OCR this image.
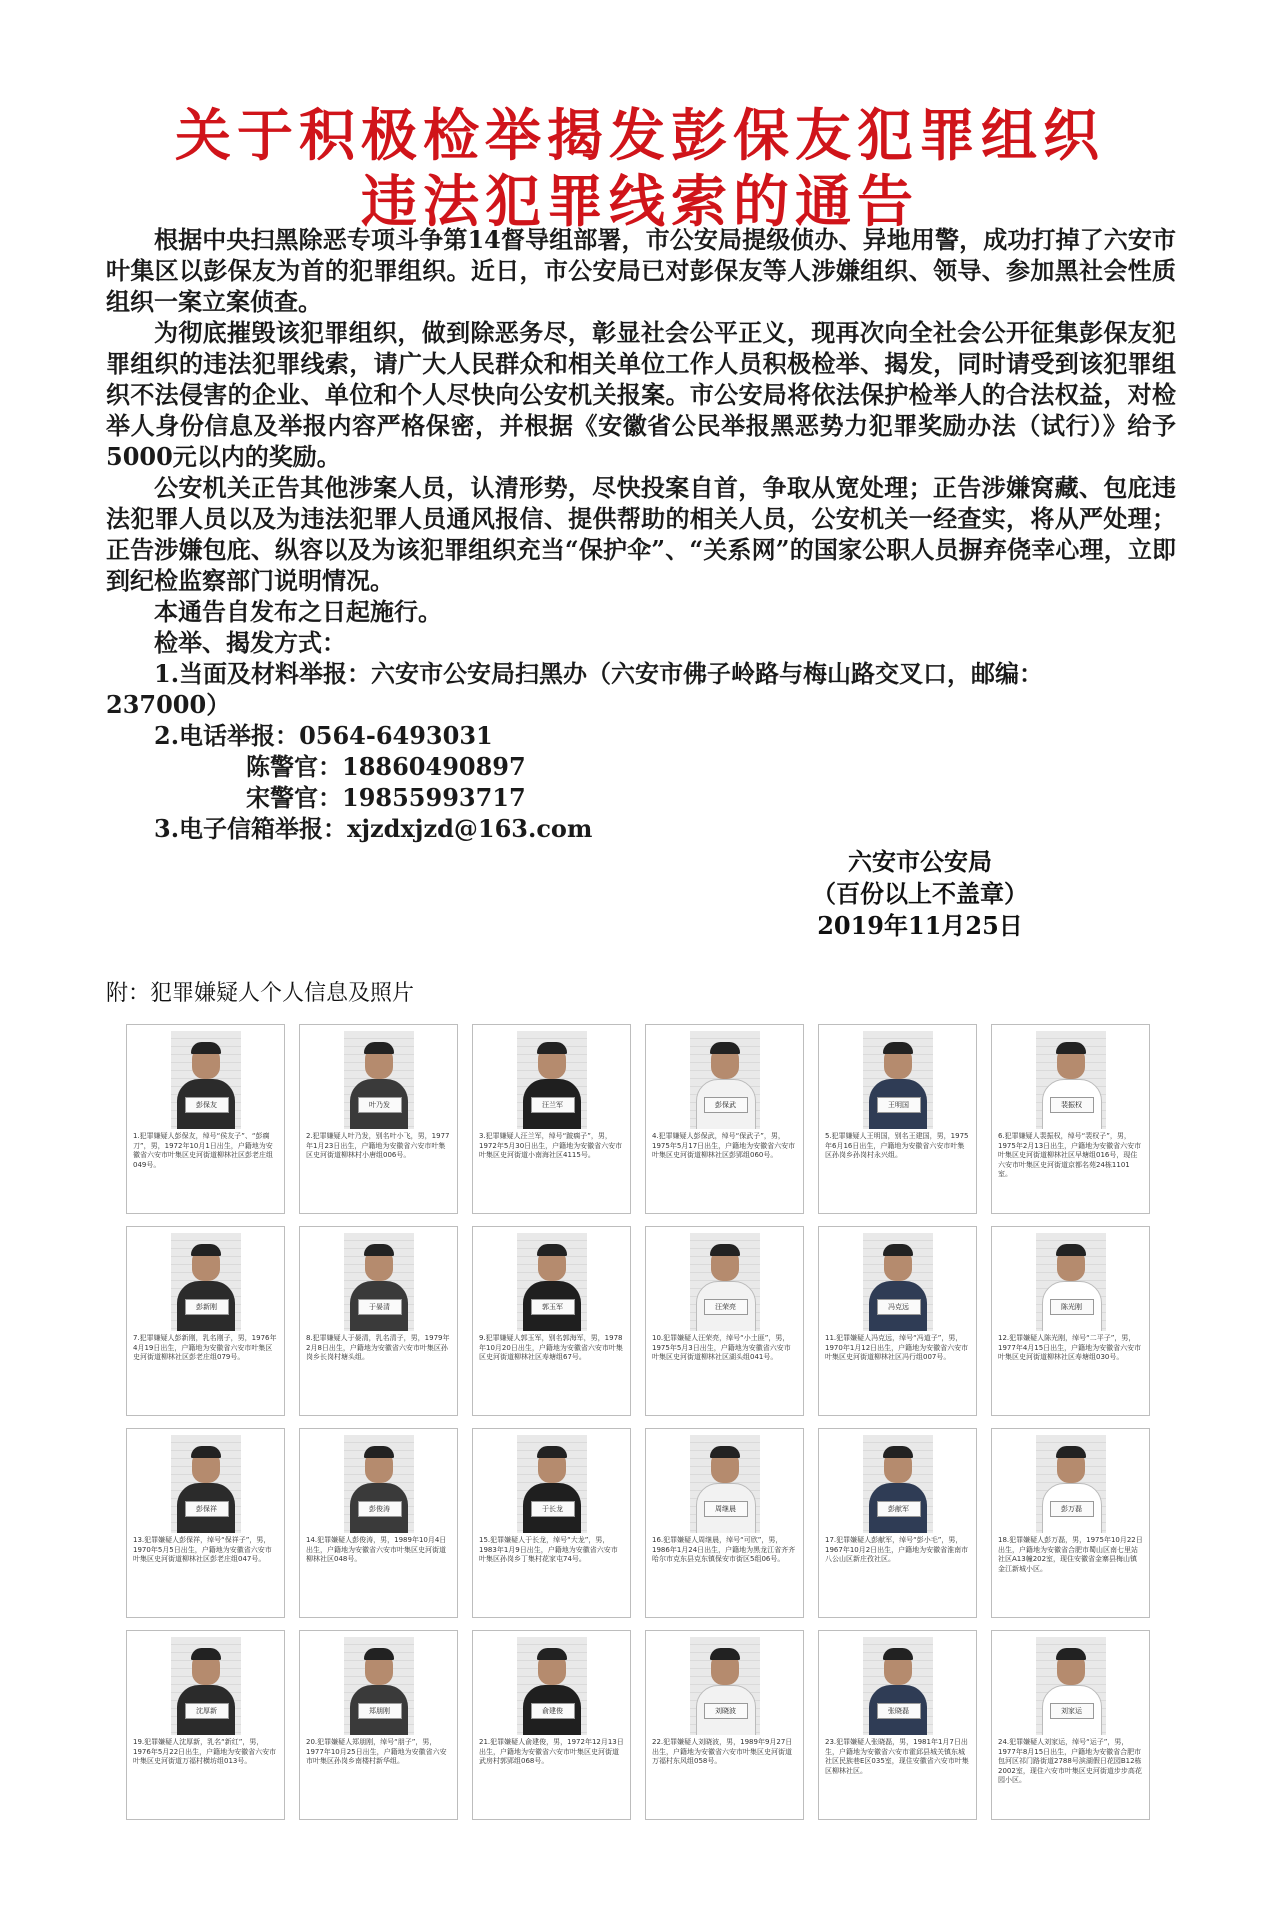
关于积极检举揭发彭保友犯罪组织
违法犯罪线索的通告

根据中央扫黑除恶专项斗争第14督导组部署，市公安局提级侦办、异地用警，成功打掉了六安市叶集区以彭保友为首的犯罪组织。近日，市公安局已对彭保友等人涉嫌组织、领导、参加黑社会性质组织一案立案侦查。

为彻底摧毁该犯罪组织，做到除恶务尽，彰显社会公平正义，现再次向全社会公开征集彭保友犯罪组织的违法犯罪线索，请广大人民群众和相关单位工作人员积极检举、揭发，同时请受到该犯罪组织不法侵害的企业、单位和个人尽快向公安机关报案。市公安局将依法保护检举人的合法权益，对检举人身份信息及举报内容严格保密，并根据《安徽省公民举报黑恶势力犯罪奖励办法（试行）》给予5000元以内的奖励。

公安机关正告其他涉案人员，认清形势，尽快投案自首，争取从宽处理；正告涉嫌窝藏、包庇违法犯罪人员以及为违法犯罪人员通风报信、提供帮助的相关人员，公安机关一经查实，将从严处理；正告涉嫌包庇、纵容以及为该犯罪组织充当“保护伞”、“关系网”的国家公职人员摒弃侥幸心理，立即到纪检监察部门说明情况。

本通告自发布之日起施行。

检举、揭发方式：
1.当面及材料举报：六安市公安局扫黑办（六安市佛子岭路与梅山路交叉口，邮编：
237000）
2.电话举报：0564-6493031
陈警官： 18860490897
宋警官： 19855993717
3.电子信箱举报：xjzdxjzd@163.com
六安市公安局
（百份以上不盖章）
2019年11月25日
附：犯罪嫌疑人个人信息及照片
彭保友
1.犯罪嫌疑人彭保友，绰号“侯友子”、“彭瘸刀”，男，1972年10月1日出生，户籍地为安徽省六安市叶集区史河街道柳林社区彭老庄组049号。
叶乃发
2.犯罪嫌疑人叶乃发，别名叶小飞，男，1977年1月23日出生，户籍地为安徽省六安市叶集区史河街道柳林村小唐组006号。
汪兰军
3.犯罪嫌疑人汪兰军，绰号“跛瘸子”，男，1972年5月30日出生，户籍地为安徽省六安市叶集区史河街道小南海社区4115号。
彭保武
4.犯罪嫌疑人彭保武，绰号“保武子”，男，1975年5月17日出生，户籍地为安徽省六安市叶集区史河街道柳林社区彭郢组060号。
王明国
5.犯罪嫌疑人王明国，别名王建国，男，1975年6月16日出生，户籍地为安徽省六安市叶集区孙岗乡孙岗村永兴组。
裴振权
6.犯罪嫌疑人裴振权，绰号“裴权子”，男，1975年2月13日出生，户籍地为安徽省六安市叶集区史河街道柳林社区早塘组016号，现住六安市叶集区史河街道京都名苑24栋1101室。
彭新刚
7.犯罪嫌疑人彭新刚，乳名刚子，男，1976年4月19日出生，户籍地为安徽省六安市叶集区史河街道柳林社区彭老庄组079号。
于晏清
8.犯罪嫌疑人于晏清，乳名清子，男，1979年2月8日出生，户籍地为安徽省六安市叶集区孙岗乡长岗村塘头组。
郭玉军
9.犯罪嫌疑人郭玉军，别名郭海军，男，1978年10月20日出生，户籍地为安徽省六安市叶集区史河街道柳林社区寿塘组67号。
汪荣亮
10.犯罪嫌疑人汪荣亮，绰号“小土匪”，男，1975年5月3日出生，户籍地为安徽省六安市叶集区史河街道柳林社区湖头组041号。
冯克远
11.犯罪嫌疑人冯克远，绰号“冯道子”，男，1970年1月12日出生，户籍地为安徽省六安市叶集区史河街道柳林社区冯行组007号。
陈光刚
12.犯罪嫌疑人陈光刚，绰号“二平子”，男，1977年4月15日出生，户籍地为安徽省六安市叶集区史河街道柳林社区寿塘组030号。
彭保祥
13.犯罪嫌疑人彭保祥，绰号“保祥子”，男，1970年5月5日出生，户籍地为安徽省六安市叶集区史河街道柳林社区彭老庄组047号。
彭俊涛
14.犯罪嫌疑人彭俊涛，男，1989年10月4日出生，户籍地为安徽省六安市叶集区史河街道柳林社区048号。
于长龙
15.犯罪嫌疑人于长龙，绰号“大龙”，男，1983年1月9日出生，户籍地为安徽省六安市叶集区孙岗乡丁集村花家屯74号。
周继晨
16.犯罪嫌疑人周继晨，绰号“可欣”，男，1986年1月24日出生，户籍地为黑龙江省齐齐哈尔市克东县克东镇保安市街区5组06号。
彭献军
17.犯罪嫌疑人彭献军，绰号“彭小毛”，男，1967年10月2日出生，户籍地为安徽省淮南市八公山区新庄孜社区。
彭万磊
18.犯罪嫌疑人彭万磊，男，1975年10月22日出生，户籍地为安徽省合肥市蜀山区南七里站社区A13幢202室，现住安徽省金寨县梅山镇金江新城小区。
沈厚新
19.犯罪嫌疑人沈厚新，乳名“新红”，男，1976年5月22日出生，户籍地为安徽省六安市叶集区史河街道万福村横坊组013号。
郑朋刚
20.犯罪嫌疑人郑朋刚，绰号“朋子”，男，1977年10月25日出生，户籍地为安徽省六安市叶集区孙岗乡南楼村新华组。
俞建俊
21.犯罪嫌疑人俞建俊，男，1972年12月13日出生，户籍地为安徽省六安市叶集区史河街道武房村郭郢组068号。
刘晓波
22.犯罪嫌疑人刘晓波，男，1989年9月27日出生，户籍地为安徽省六安市叶集区史河街道万福村东风组058号。
张晓磊
23.犯罪嫌疑人张晓磊，男，1981年1月7日出生，户籍地为安徽省六安市霍邱县城关镇东城社区民族巷E区035室，现住安徽省六安市叶集区柳林社区。
刘家运
24.犯罪嫌疑人刘家运，绰号“运子”，男，1977年8月15日出生，户籍地为安徽省合肥市包河区祁门路街道2788号滨湖假日花园B12栋2002室，现住六安市叶集区史河街道步步高花园小区。
